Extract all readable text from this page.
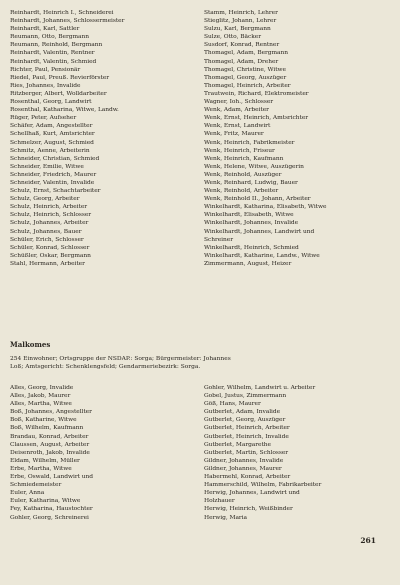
Reinhardt, Heinrich I., Schneiderei
Reinhardt, Johannes, Schlossermeister
Reinhardt, Karl, Sattler
Reumann, Otto, Bergmann
Reumann, Reinhold, Bergmann
Reinhardt, Valentin, Rentner
Reinhardt, Valentin, Schmied
Richter, Paul, Pensionär
Riedel, Paul, Preuß. Revierförster
Ries, Johannes, Invalide
Ritzberger, Albert, Wolldarbeiter
Rosenthal, Georg, Landwirt
Rosenthal, Katharina, Witwe, Landw.
Rüger, Peter, Aufseher
Schäfer, Adam, Angestellter
Schellhaß, Kurt, Amtsrichter
Schmelzer, August, Schmied
Schmitz, Aenne, Arbeiterin
Schneider, Christian, Schmied
Schneider, Emilie, Witwe
Schneider, Friedrich, Maurer
Schneider, Valentin, Invalide
Schulz, Ernst, Schachtarbeiter
Schulz, Georg, Arbeiter
Schulz, Heinrich, Arbeiter
Schulz, Heinrich, Schlosser
Schulz, Johannes, Arbeiter
Schulz, Johannes, Bauer
Schüler, Erich, Schlosser
Schüler, Konrad, Schlosser
Schüßler, Oskar, Bergmann
Stahl, Hermann, Arbeiter
Stamm, Heinrich, Lehrer
Stieglitz, Johann, Lehrer
Sulzu, Karl, Bergmann
Sulze, Otto, Bäcker
Susdorf, Konrad, Rentner
Thomagel, Adam, Bergmann
Thomagel, Adam, Dreher
Thomagel, Christine, Witwe
Thomagel, Georg, Auszüger
Thomagel, Heinrich, Arbeiter
Trautwein, Richard, Elektromeister
Wagner, Ioh., Schlosser
Wenk, Adam, Arbeiter
Wenk, Ernst, Heinrich, Amtsrichter
Wenk, Ernst, Landwirt
Wenk, Fritz, Maurer
Wenk, Heinrich, Fabrikmeister
Wenk, Heinrich, Friseur
Wenk, Heinrich, Kaufmann
Wenk, Helene, Witwe, Auszügerin
Wenk, Reinhold, Auszüger
Wenk, Reinhard, Ludwig, Bauer
Wenk, Reinhold, Arbeiter
Wenk, Reinhold II., Johann, Arbeiter
Winkelhardt, Katharina, Elisabeth, Witwe
Winkelhardt, Elisabeth, Witwe
Winkelhardt, Johannes, Invalide
Winkelhardt, Johannes, Landwirt und
Schreiner
Winkelhardt, Heinrich, Schmied
Winkelhardt, Katharine, Landw., Witwe
Zimmermann, August, Heizer
Malkomes
254 Einwohner; Ortsgruppe der NSDAP.: Sorga; Bürgermeister: Johannes
Loß; Amtsgericht: Schenklengsfeld; Gendarmeriebezirk: Sorga.
Alles, Georg, Invalide
Alles, Jakob, Maurer
Alles, Martha, Witwe
Boß, Johannes, Angestellter
Boß, Katharine, Witwe
Boß, Wilhelm, Kaufmann
Brandau, Konrad, Arbeiter
Claussen, August, Arbeiter
Deisenroth, Jakob, Invalide
Eldam, Wilhelm, Müller
Erbe, Martha, Witwe
Erbe, Oswald, Landwirt und
Schmiedemeister
Euler, Anna
Euler, Katharina, Witwe
Fey, Katharina, Haustochter
Gohler, Georg, Schreinerei
Gohler, Wilhelm, Landwirt u. Arbeiter
Gobel, Justus, Zimmermann
Göß, Hans, Maurer
Gutberlet, Adam, Invalide
Gutberlet, Georg, Auszüger
Gutberlet, Heinrich, Arbeiter
Gutberlet, Heinrich, Invalide
Gutberlet, Margarethe
Gutberlet, Martin, Schlosser
Gildner, Johannes, Invalide
Gildner, Johannes, Maurer
Habermehl, Konrad, Arbeiter
Hammerschild, Wilhelm, Fabrikarbeiter
Herwig, Johannes, Landwirt und
Holzhauer
Herwig, Heinrich, Weißbinder
Herwig, Maria
261
